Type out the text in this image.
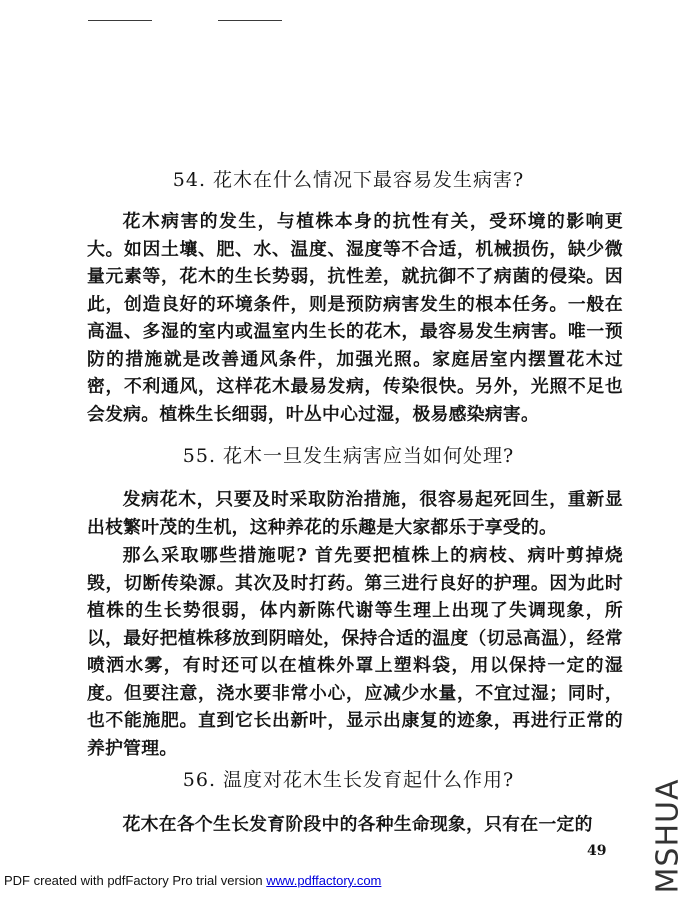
54. 花木在什么情况下最容易发生病害?

花木病害的发生，与植株本身的抗性有关，受环境的影响更大。如因土壤、肥、水、温度、湿度等不合适，机械损伤，缺少微量元素等，花木的生长势弱，抗性差，就抗御不了病菌的侵染。因此，创造良好的环境条件，则是预防病害发生的根本任务。一般在高温、多湿的室内或温室内生长的花木，最容易发生病害。唯一预防的措施就是改善通风条件，加强光照。家庭居室内摆置花木过密，不利通风，这样花木最易发病，传染很快。另外，光照不足也会发病。植株生长细弱，叶丛中心过湿，极易感染病害。

55. 花木一旦发生病害应当如何处理?

发病花木，只要及时采取防治措施，很容易起死回生，重新显出枝繁叶茂的生机，这种养花的乐趣是大家都乐于享受的。

那么采取哪些措施呢? 首先要把植株上的病枝、病叶剪掉烧毁，切断传染源。其次及时打药。第三进行良好的护理。因为此时植株的生长势很弱，体内新陈代谢等生理上出现了失调现象，所以，最好把植株移放到阴暗处，保持合适的温度（切忌高温），经常喷洒水雾，有时还可以在植株外罩上塑料袋，用以保持一定的湿度。但要注意，浇水要非常小心，应减少水量，不宜过湿；同时，也不能施肥。直到它长出新叶，显示出康复的迹象，再进行正常的养护管理。

56. 温度对花木生长发育起什么作用?

花木在各个生长发育阶段中的各种生命现象，只有在一定的

49
PDF created with pdfFactory Pro trial version www.pdffactory.com	MSHUA
